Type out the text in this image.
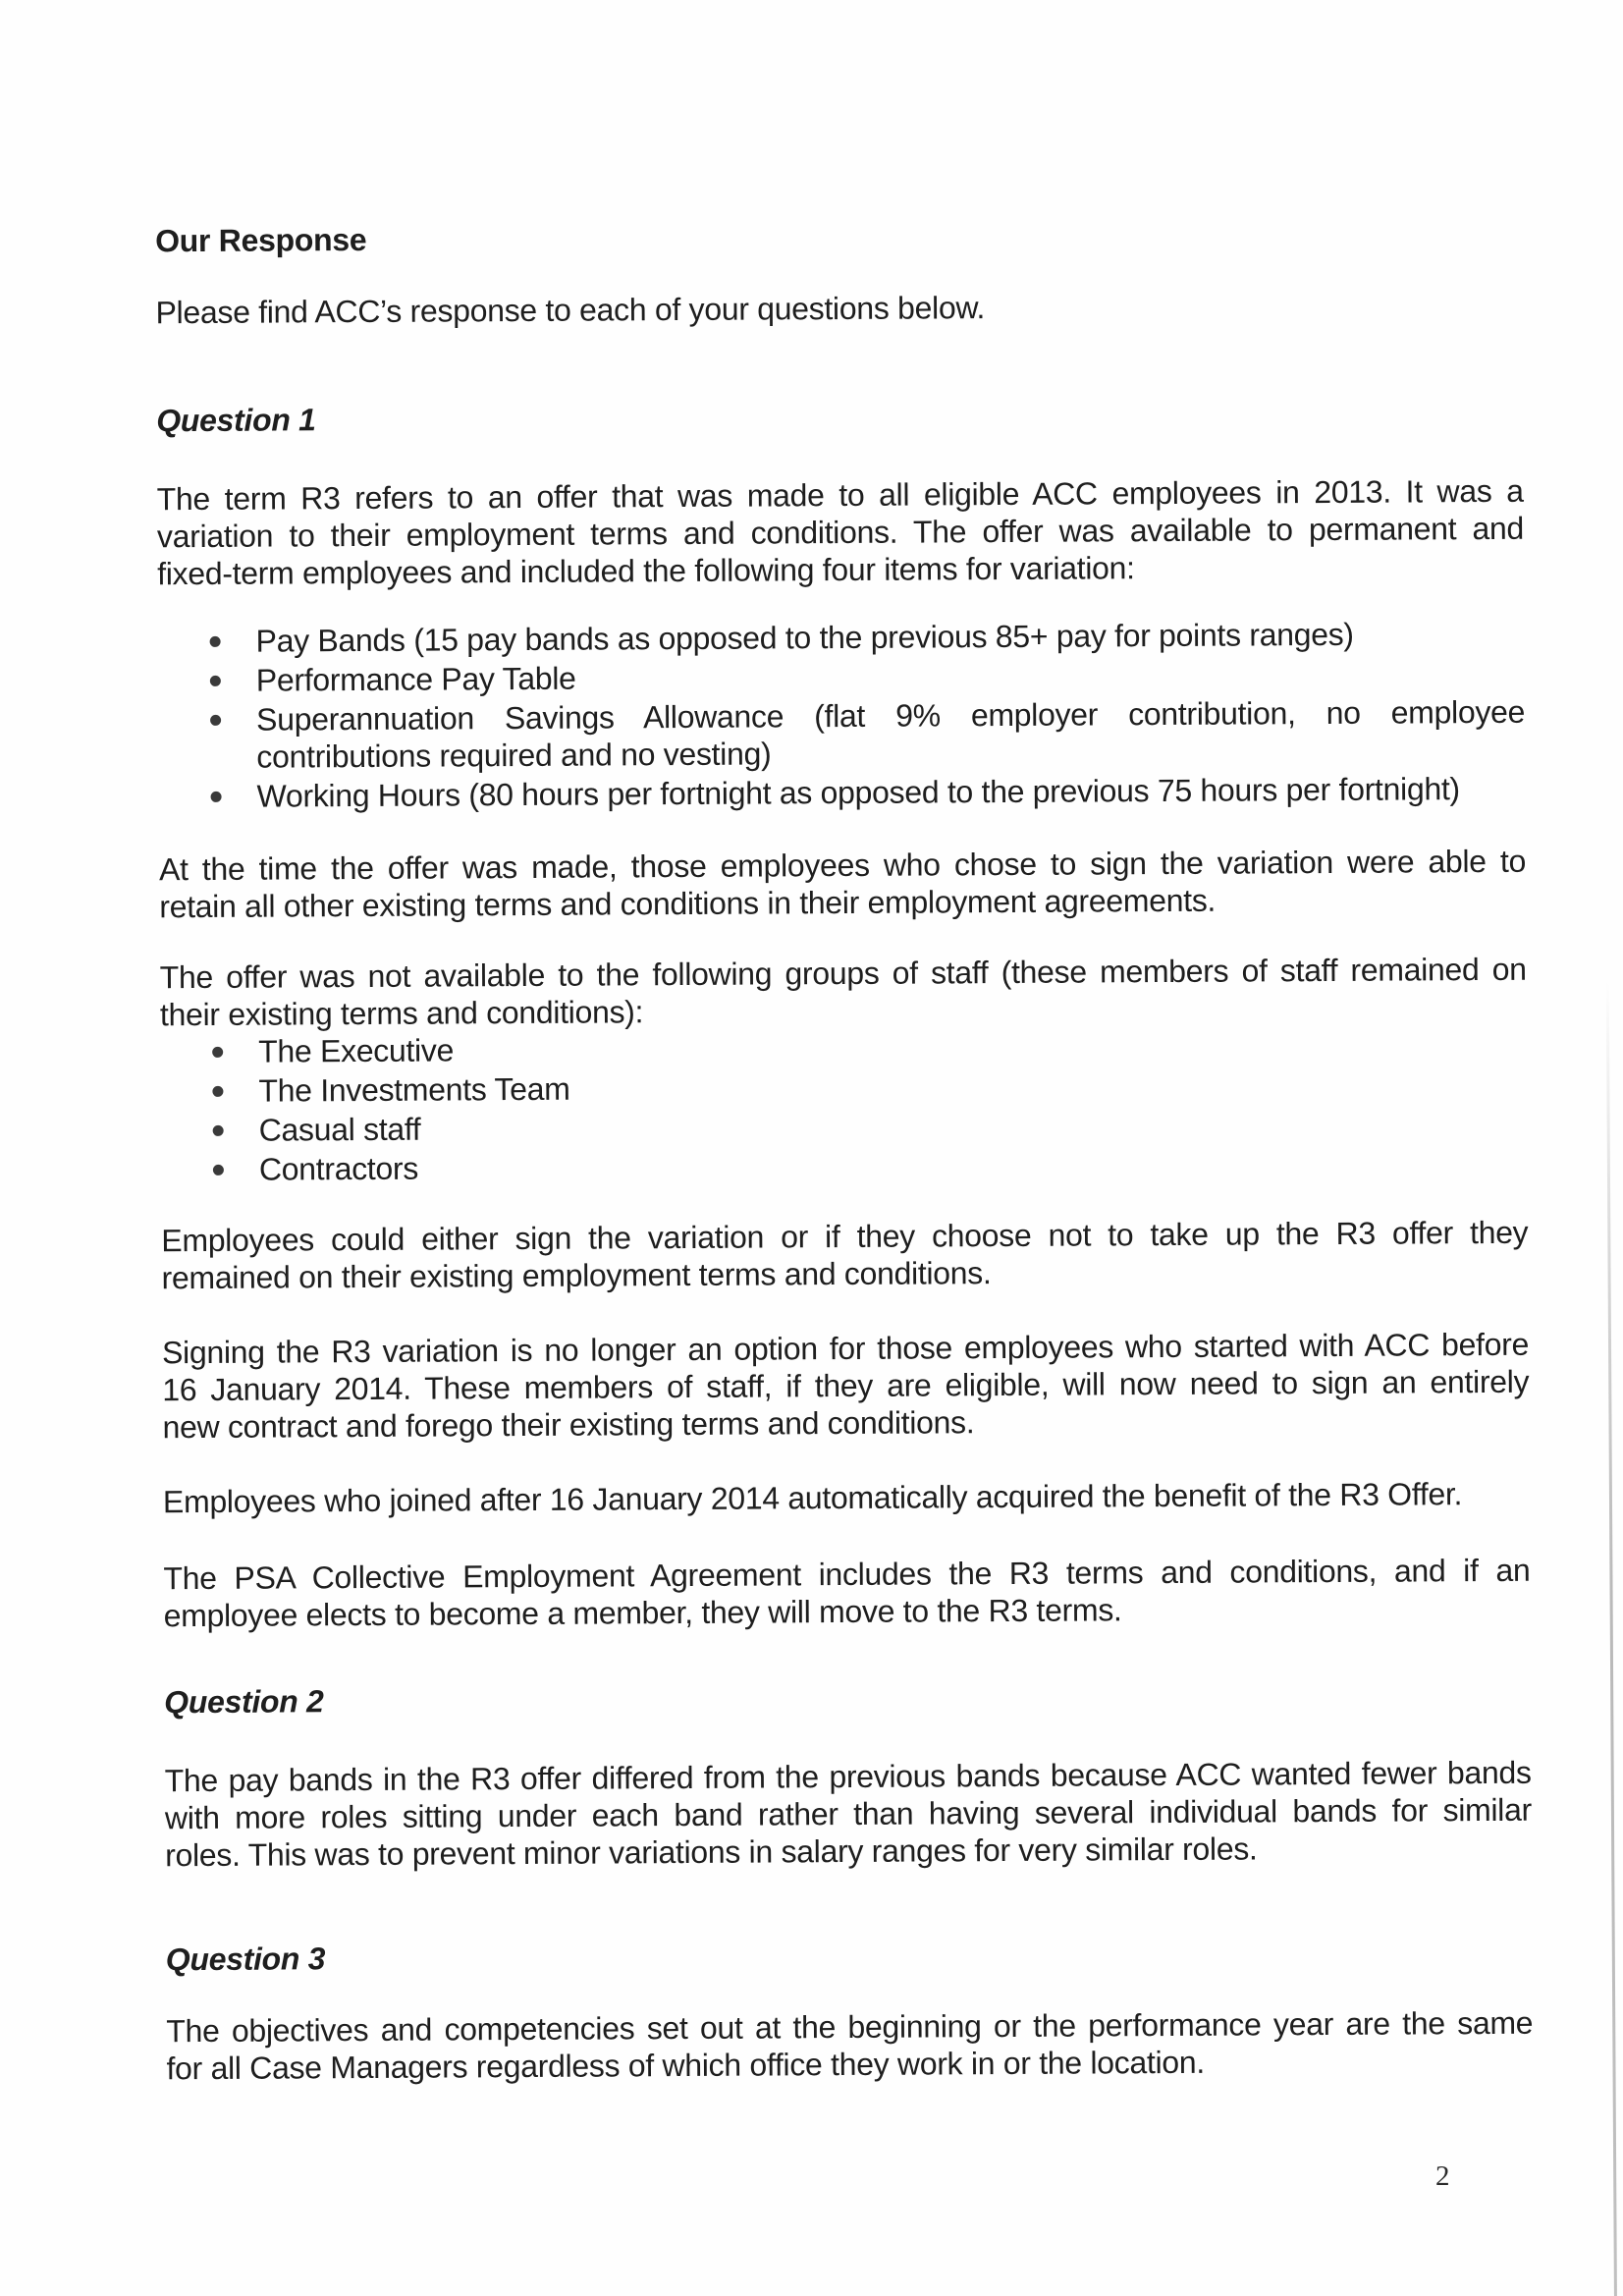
Our Response
Please find ACC’s response to each of your questions below.
Question 1
The term R3 refers to an offer that was made to all eligible ACC employees in 2013. It was a
variation to their employment terms and conditions. The offer was available to permanent and
fixed-term employees and included the following four items for variation:
Pay Bands (15 pay bands as opposed to the previous 85+ pay for points ranges)
Performance Pay Table
Superannuation Savings Allowance (flat 9% employer contribution, no employee
contributions required and no vesting)
Working Hours (80 hours per fortnight as opposed to the previous 75 hours per fortnight)
At the time the offer was made, those employees who chose to sign the variation were able to
retain all other existing terms and conditions in their employment agreements.
The offer was not available to the following groups of staff (these members of staff remained on
their existing terms and conditions):
The Executive
The Investments Team
Casual staff
Contractors
Employees could either sign the variation or if they choose not to take up the R3 offer they
remained on their existing employment terms and conditions.
Signing the R3 variation is no longer an option for those employees who started with ACC before
16 January 2014. These members of staff, if they are eligible, will now need to sign an entirely
new contract and forego their existing terms and conditions.
Employees who joined after 16 January 2014 automatically acquired the benefit of the R3 Offer.
The PSA Collective Employment Agreement includes the R3 terms and conditions, and if an
employee elects to become a member, they will move to the R3 terms.
Question 2
The pay bands in the R3 offer differed from the previous bands because ACC wanted fewer bands
with more roles sitting under each band rather than having several individual bands for similar
roles. This was to prevent minor variations in salary ranges for very similar roles.
Question 3
The objectives and competencies set out at the beginning or the performance year are the same
for all Case Managers regardless of which office they work in or the location.
2
